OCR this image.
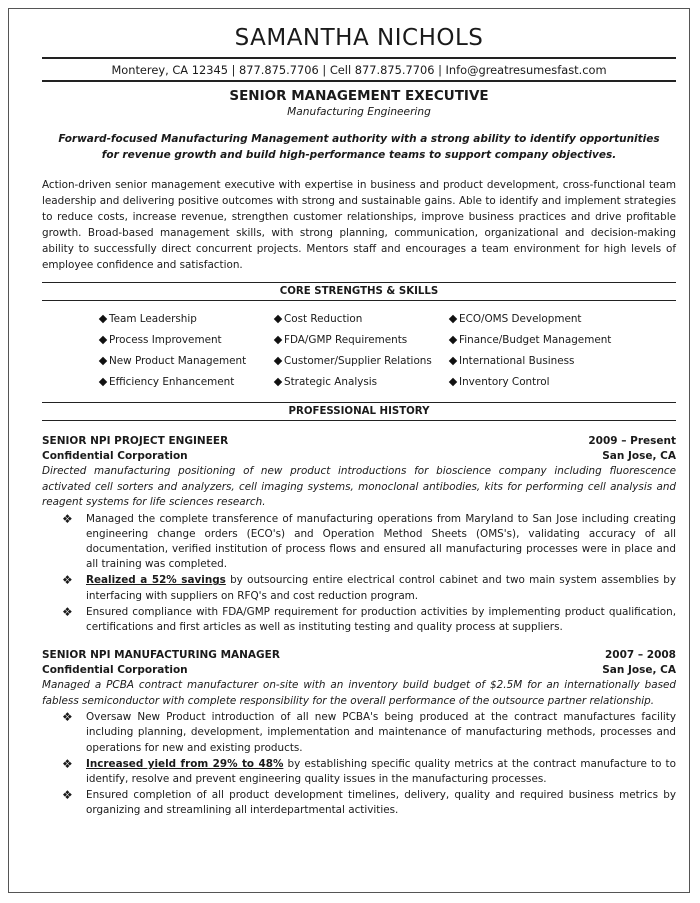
SAMANTHA NICHOLS
Monterey, CA 12345 | 877.875.7706 | Cell 877.875.7706 | Info@greatresumesfast.com
SENIOR MANAGEMENT EXECUTIVE
Manufacturing Engineering
Forward-focused Manufacturing Management authority with a strong ability to identify opportunities for revenue growth and build high-performance teams to support company objectives.
Action-driven senior management executive with expertise in business and product development, cross-functional team leadership and delivering positive outcomes with strong and sustainable gains. Able to identify and implement strategies to reduce costs, increase revenue, strengthen customer relationships, improve business practices and drive profitable growth. Broad-based management skills, with strong planning, communication, organizational and decision-making ability to successfully direct concurrent projects. Mentors staff and encourages a team environment for high levels of employee confidence and satisfaction.
CORE STRENGTHS & SKILLS
Team Leadership	Cost Reduction	ECO/OMS Development
Process Improvement	FDA/GMP Requirements	Finance/Budget Management
New Product Management	Customer/Supplier Relations	International Business
Efficiency Enhancement	Strategic Analysis	Inventory Control
PROFESSIONAL HISTORY
SENIOR NPI PROJECT ENGINEER	2009 – Present
Confidential Corporation	San Jose, CA
Directed manufacturing positioning of new product introductions for bioscience company including fluorescence activated cell sorters and analyzers, cell imaging systems, monoclonal antibodies, kits for performing cell analysis and reagent systems for life sciences research.
❖ Managed the complete transference of manufacturing operations from Maryland to San Jose including creating engineering change orders (ECO's) and Operation Method Sheets (OMS's), validating accuracy of all documentation, verified institution of process flows and ensured all manufacturing processes were in place and all training was completed.
❖ Realized a 52% savings by outsourcing entire electrical control cabinet and two main system assemblies by interfacing with suppliers on RFQ's and cost reduction program.
❖ Ensured compliance with FDA/GMP requirement for production activities by implementing product qualification, certifications and first articles as well as instituting testing and quality process at suppliers.
SENIOR NPI MANUFACTURING MANAGER	2007 – 2008
Confidential Corporation	San Jose, CA
Managed a PCBA contract manufacturer on-site with an inventory build budget of $2.5M for an internationally based fabless semiconductor with complete responsibility for the overall performance of the outsource partner relationship.
❖ Oversaw New Product introduction of all new PCBA's being produced at the contract manufactures facility including planning, development, implementation and maintenance of manufacturing methods, processes and operations for new and existing products.
❖ Increased yield from 29% to 48% by establishing specific quality metrics at the contract manufacture to to identify, resolve and prevent engineering quality issues in the manufacturing processes.
❖ Ensured completion of all product development timelines, delivery, quality and required business metrics by organizing and streamlining all interdepartmental activities.
